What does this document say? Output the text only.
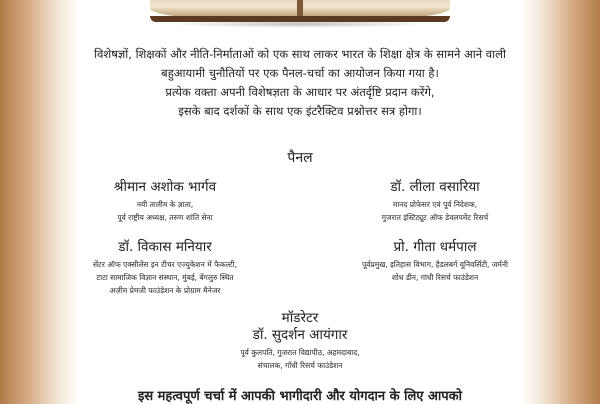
विशेषज्ञों, शिक्षकों और नीति-निर्माताओं को एक साथ लाकर भारत के शिक्षा क्षेत्र के सामने आने वाली

बहुआयामी चुनौतियों पर एक पैनल-चर्चा का आयोजन किया गया है।

प्रत्येक वक्ता अपनी विशेषज्ञता के आधार पर अंतर्दृष्टि प्रदान करेंगे,

इसके बाद दर्शकों के साथ एक इंटरैक्टिव प्रश्नोत्तर सत्र होगा।

पैनल
श्रीमान अशोक भार्गव
नयी तालीम के ज्ञाता,
पूर्व राष्ट्रीय अध्यक्ष, तरुण शांति सेना
डॉ. लीला वसारिया
मानद प्रोफेसर एवं पूर्व निदेशक,
गुजरात इंस्टिट्यूट ऑफ डेवलपमेंट रिसर्च
डॉ. विकास मनियार
सेंटर ऑफ एक्सीलेंस इन टीचर एज्युकेशन में फैकल्टी,
टाटा सामाजिक विज्ञान संस्थान, मुंबई, बेंगलुरु स्थित
अज़ीम प्रेमजी फाउंडेशन के प्रोग्राम मैनेजर
प्रो. गीता धर्मपाल
पूर्वप्रमुख, इतिहास विभाग, हैडलबर्ग यूनिवर्सिटी, जर्मनी
शोध डीन, गांधी रिसर्च फाउंडेशन
मॉडरेटर
डॉ. सुदर्शन आयंगार
पूर्व कुलपति, गुजरात विद्यापीठ, अहमदाबाद,
संचालक, गाँधी रिसर्च फाउंडेशन
इस महत्वपूर्ण चर्चा में आपकी भागीदारी और योगदान के लिए आपको
